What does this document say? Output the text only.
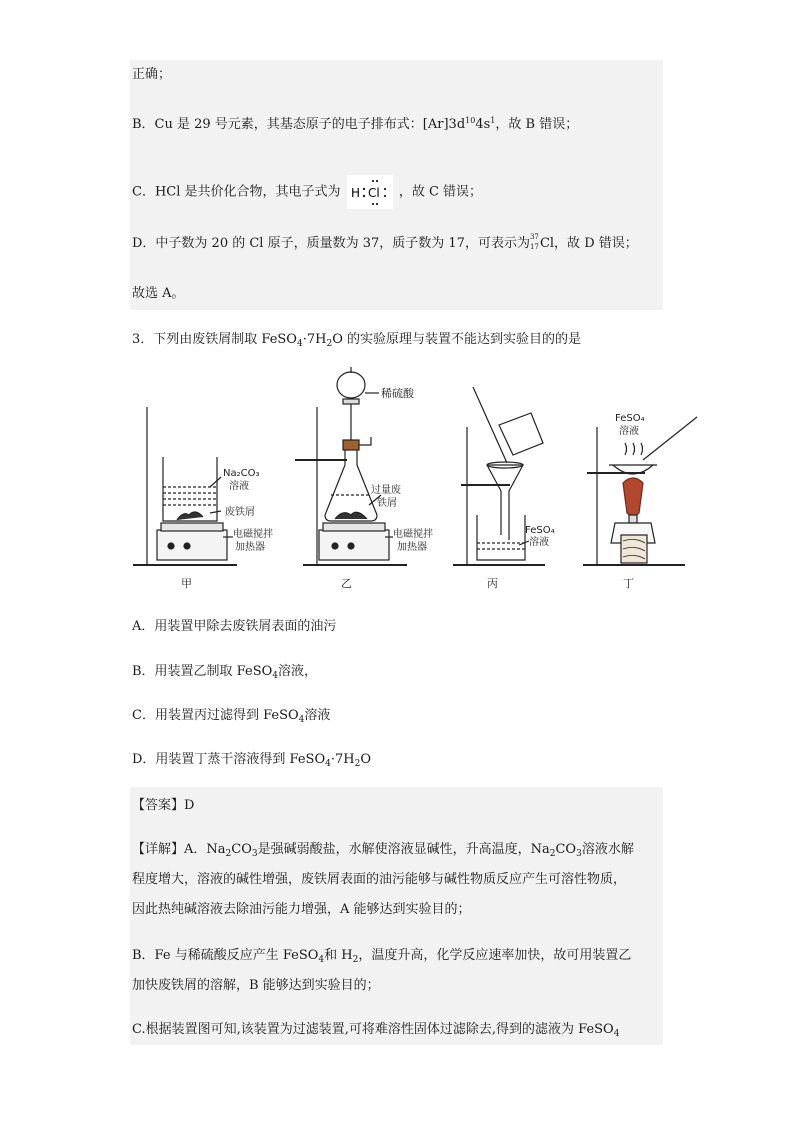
正确；
B．Cu 是 29 号元素，其基态原子的电子排布式：$[Ar]3d^{10}4s^1$，故 B 错误；
C．HCl 是共价化合物，其电子式为 H Cl ，故 C 错误；
D．中子数为 20 的 Cl 原子，质量数为 37，质子数为 17，可表示为 37
17 Cl，故 D 错误；
故选 A。
3．下列由废铁屑制取 $FeSO_4\cdot 7H_2O$ 的实验原理与装置不能达到实验目的的是
Na₂CO₃
溶液
废铁屑
电磁搅拌
加热器
甲
稀硫酸
过量废
铁屑
电磁搅拌
加热器
乙
FeSO₄
溶液
丙
FeSO₄
溶液
丁
A．用装置甲除去废铁屑表面的油污
B．用装置乙制取 FeSO$_4$溶液，
C．用装置丙过滤得到 FeSO$_4$溶液
D．用装置丁蒸干溶液得到 $FeSO_4\cdot 7H_2O$
【答案】D
【详解】A．$Na_2CO_3$是强碱弱酸盐，水解使溶液显碱性，升高温度，$Na_2CO_3$溶液水解
程度增大，溶液的碱性增强，废铁屑表面的油污能够与碱性物质反应产生可溶性物质，
因此热纯碱溶液去除油污能力增强，A 能够达到实验目的；
B．Fe 与稀硫酸反应产生 FeSO$_4$和 $H_2$，温度升高，化学反应速率加快，故可用装置乙
加快废铁屑的溶解，B 能够达到实验目的；
C.根据装置图可知,该装置为过滤装置,可将难溶性固体过滤除去,得到的滤液为 FeSO$_4$
